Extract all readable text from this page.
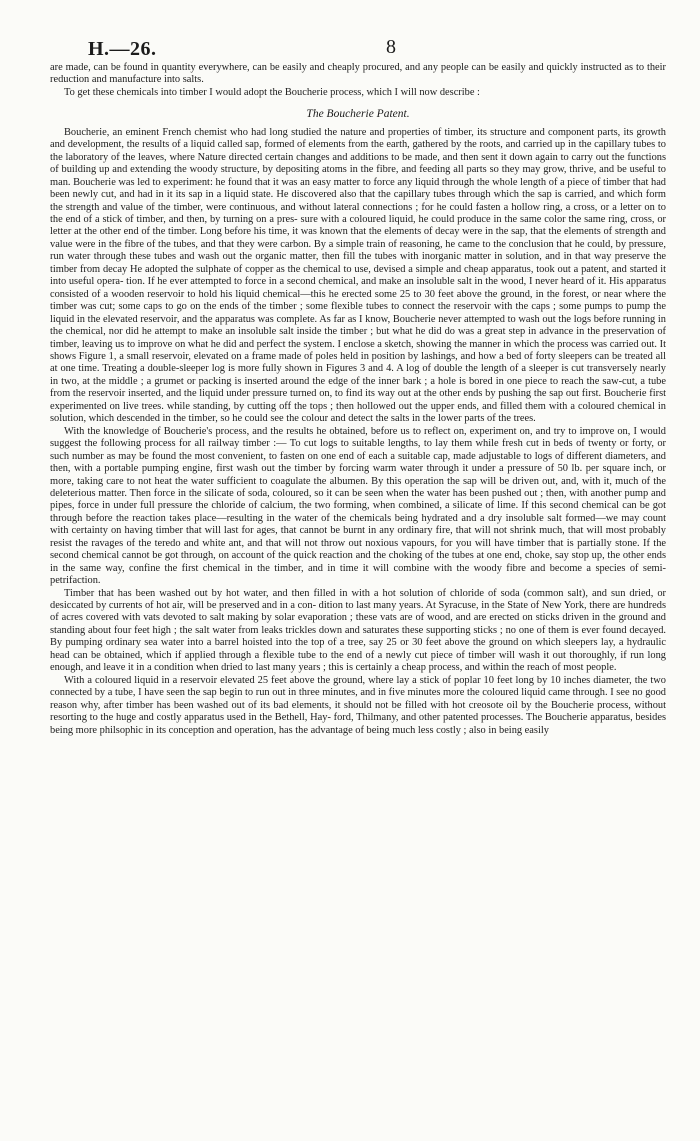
H.—26.	8

are made, can be found in quantity everywhere, can be easily and cheaply procured, and any people can be easily and quickly instructed as to their reduction and manufacture into salts.

To get these chemicals into timber I would adopt the Boucherie process, which I will now describe :

The Boucherie Patent.

Boucherie, an eminent French chemist who had long studied the nature and properties of timber, its structure and component parts, its growth and development, the results of a liquid called sap, formed of elements from the earth, gathered by the roots, and carried up in the capillary tubes to the laboratory of the leaves, where Nature directed certain changes and additions to be made, and then sent it down again to carry out the functions of building up and extending the woody structure, by depositing atoms in the fibre, and feeding all parts so they may grow, thrive, and be useful to man. Boucherie was led to experiment: he found that it was an easy matter to force any liquid through the whole length of a piece of timber that had been newly cut, and had in it its sap in a liquid state. He discovered also that the capillary tubes through which the sap is carried, and which form the strength and value of the timber, were continuous, and without lateral connections ; for he could fasten a hollow ring, a cross, or a letter on to the end of a stick of timber, and then, by turning on a pres- sure with a coloured liquid, he could produce in the same color the same ring, cross, or letter at the other end of the timber. Long before his time, it was known that the elements of decay were in the sap, that the elements of strength and value were in the fibre of the tubes, and that they were carbon. By a simple train of reasoning, he came to the conclusion that he could, by pressure, run water through these tubes and wash out the organic matter, then fill the tubes with inorganic matter in solution, and in that way preserve the timber from decay He adopted the sulphate of copper as the chemical to use, devised a simple and cheap apparatus, took out a patent, and started it into useful opera- tion. If he ever attempted to force in a second chemical, and make an insoluble salt in the wood, I never heard of it. His apparatus consisted of a wooden reservoir to hold his liquid chemical—this he erected some 25 to 30 feet above the ground, in the forest, or near where the timber was cut; some caps to go on the ends of the timber ; some flexible tubes to connect the reservoir with the caps ; some pumps to pump the liquid in the elevated reservoir, and the apparatus was complete. As far as I know, Boucherie never attempted to wash out the logs before running in the chemical, nor did he attempt to make an insoluble salt inside the timber ; but what he did do was a great step in advance in the preservation of timber, leaving us to improve on what he did and perfect the system. I enclose a sketch, showing the manner in which the process was carried out. It shows Figure 1, a small reservoir, elevated on a frame made of poles held in position by lashings, and how a bed of forty sleepers can be treated all at one time. Treating a double-sleeper log is more fully shown in Figures 3 and 4. A log of double the length of a sleeper is cut transversely nearly in two, at the middle ; a grumet or packing is inserted around the edge of the inner bark ; a hole is bored in one piece to reach the saw-cut, a tube from the reservoir inserted, and the liquid under pressure turned on, to find its way out at the other ends by pushing the sap out first. Boucherie first experimented on live trees. while standing, by cutting off the tops ; then hollowed out the upper ends, and filled them with a coloured chemical in solution, which descended in the timber, so he could see the colour and detect the salts in the lower parts of the trees.

With the knowledge of Boucherie's process, and the results he obtained, before us to reflect on, experiment on, and try to improve on, I would suggest the following process for all railway timber :— To cut logs to suitable lengths, to lay them while fresh cut in beds of twenty or forty, or such number as may be found the most convenient, to fasten on one end of each a suitable cap, made adjustable to logs of different diameters, and then, with a portable pumping engine, first wash out the timber by forcing warm water through it under a pressure of 50 lb. per square inch, or more, taking care to not heat the water sufficient to coagulate the albumen. By this operation the sap will be driven out, and, with it, much of the deleterious matter. Then force in the silicate of soda, coloured, so it can be seen when the water has been pushed out ; then, with another pump and pipes, force in under full pressure the chloride of calcium, the two forming, when combined, a silicate of lime. If this second chemical can be got through before the reaction takes place—resulting in the water of the chemicals being hydrated and a dry insoluble salt formed—we may count with certainty on having timber that will last for ages, that cannot be burnt in any ordinary fire, that will not shrink much, that will most probably resist the ravages of the teredo and white ant, and that will not throw out noxious vapours, for you will have timber that is partially stone. If the second chemical cannot be got through, on account of the quick reaction and the choking of the tubes at one end, choke, say stop up, the other ends in the same way, confine the first chemical in the timber, and in time it will combine with the woody fibre and become a species of semi-petrifaction.

Timber that has been washed out by hot water, and then filled in with a hot solution of chloride of soda (common salt), and sun dried, or desiccated by currents of hot air, will be preserved and in a con- dition to last many years. At Syracuse, in the State of New York, there are hundreds of acres covered with vats devoted to salt making by solar evaporation ; these vats are of wood, and are erected on sticks driven in the ground and standing about four feet high ; the salt water from leaks trickles down and saturates these supporting sticks ; no one of them is ever found decayed. By pumping ordinary sea water into a barrel hoisted into the top of a tree, say 25 or 30 feet above the ground on which sleepers lay, a hydraulic head can be obtained, which if applied through a flexible tube to the end of a newly cut piece of timber will wash it out thoroughly, if run long enough, and leave it in a condition when dried to last many years ; this is certainly a cheap process, and within the reach of most people.

With a coloured liquid in a reservoir elevated 25 feet above the ground, where lay a stick of poplar 10 feet long by 10 inches diameter, the two connected by a tube, I have seen the sap begin to run out in three minutes, and in five minutes more the coloured liquid came through. I see no good reason why, after timber has been washed out of its bad elements, it should not be filled with hot creosote oil by the Boucherie process, without resorting to the huge and costly apparatus used in the Bethell, Hay- ford, Thilmany, and other patented processes. The Boucherie apparatus, besides being more philsophic in its conception and operation, has the advantage of being much less costly ; also in being easily
